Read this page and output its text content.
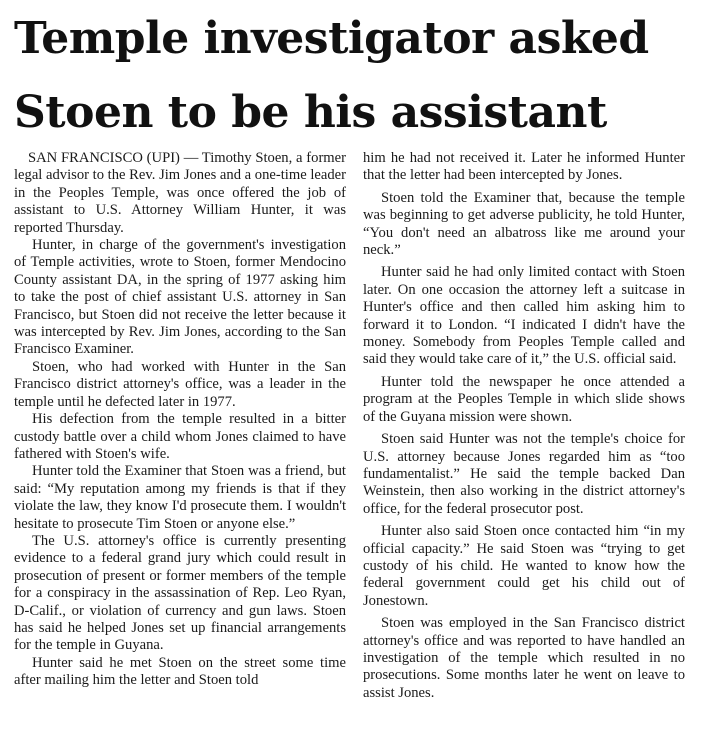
Temple investigator asked
Stoen to be his assistant

SAN FRANCISCO (UPI) — Timothy Stoen, a former legal advisor to the Rev. Jim Jones and a one-time leader in the Peoples Temple, was once offered the job of assistant to U.S. Attorney William Hunter, it was reported Thursday.

Hunter, in charge of the government's investigation of Temple activities, wrote to Stoen, former Mendocino County assistant DA, in the spring of 1977 asking him to take the post of chief assistant U.S. attorney in San Francisco, but Stoen did not receive the letter because it was intercepted by Rev. Jim Jones, according to the San Francisco Examiner.

Stoen, who had worked with Hunter in the San Francisco district attorney's office, was a leader in the temple until he defected later in 1977.

His defection from the temple resulted in a bitter custody battle over a child whom Jones claimed to have fathered with Stoen's wife.

Hunter told the Examiner that Stoen was a friend, but said: “My reputation among my friends is that if they violate the law, they know I'd prosecute them. I wouldn't hesitate to prosecute Tim Stoen or anyone else.”

The U.S. attorney's office is currently presenting evidence to a federal grand jury which could result in prosecution of present or former members of the temple for a conspiracy in the assassination of Rep. Leo Ryan, D-Calif., or violation of currency and gun laws. Stoen has said he helped Jones set up financial arrangements for the temple in Guyana.

Hunter said he met Stoen on the street some time after mailing him the letter and Stoen told

him he had not received it. Later he informed Hunter that the letter had been intercepted by Jones.

Stoen told the Examiner that, because the temple was beginning to get adverse publicity, he told Hunter, “You don't need an albatross like me around your neck.”

Hunter said he had only limited contact with Stoen later. On one occasion the attorney left a suitcase in Hunter's office and then called him asking him to forward it to London. “I indicated I didn't have the money. Somebody from Peoples Temple called and said they would take care of it,” the U.S. official said.

Hunter told the newspaper he once attended a program at the Peoples Temple in which slide shows of the Guyana mission were shown.

Stoen said Hunter was not the temple's choice for U.S. attorney because Jones regarded him as “too fundamentalist.” He said the temple backed Dan Weinstein, then also working in the district attorney's office, for the federal prosecutor post.

Hunter also said Stoen once contacted him “in my official capacity.” He said Stoen was “trying to get custody of his child. He wanted to know how the federal government could get his child out of Jonestown.

Stoen was employed in the San Francisco district attorney's office and was reported to have handled an investigation of the temple which resulted in no prosecutions. Some months later he went on leave to assist Jones.
